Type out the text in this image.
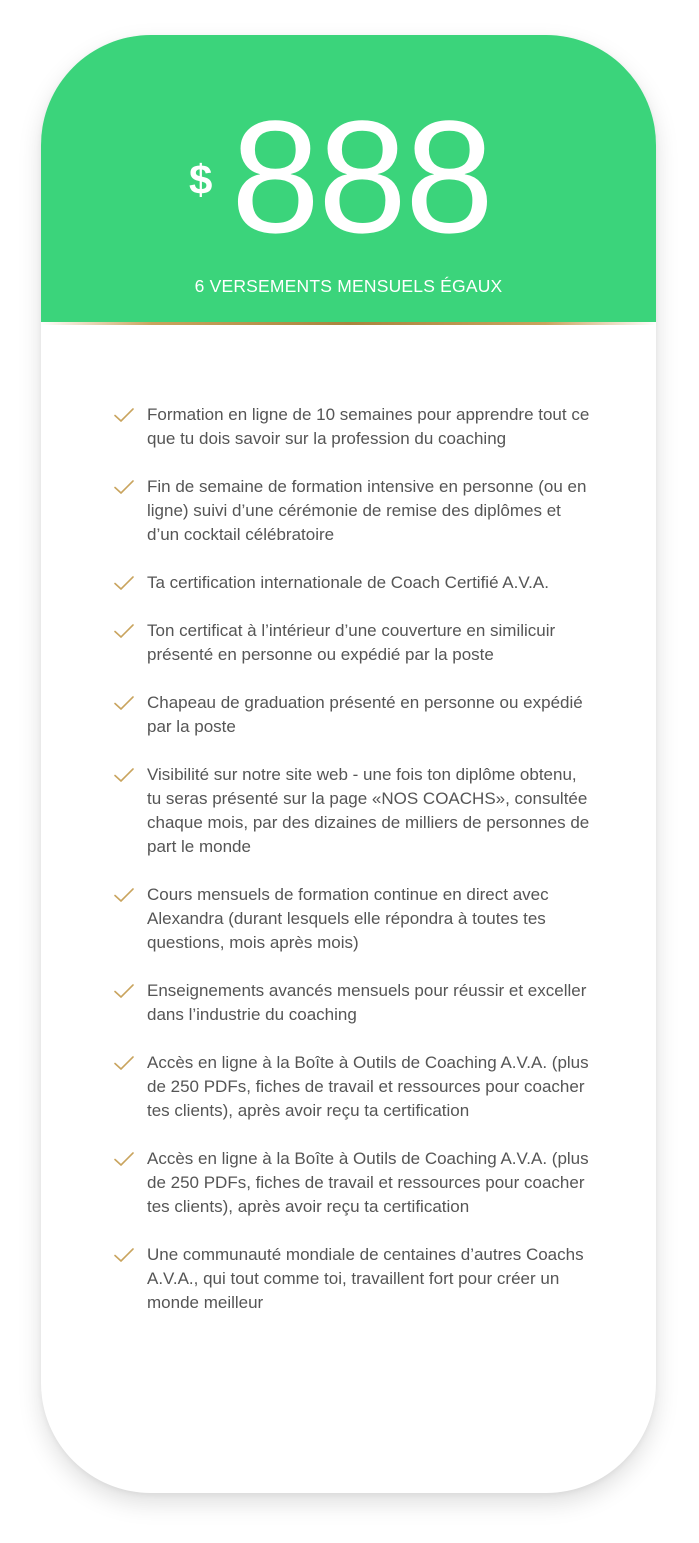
$ 888
6 VERSEMENTS MENSUELS ÉGAUX
Formation en ligne de 10 semaines pour apprendre tout ce que tu dois savoir sur la profession du coaching
Fin de semaine de formation intensive en personne (ou en ligne) suivi d’une cérémonie de remise des diplômes et d’un cocktail célébratoire
Ta certification internationale de Coach Certifié A.V.A.
Ton certificat à l’intérieur d’une couverture en similicuir présenté en personne ou expédié par la poste
Chapeau de graduation présenté en personne ou expédié par la poste
Visibilité sur notre site web - une fois ton diplôme obtenu, tu seras présenté sur la page «NOS COACHS», consultée chaque mois, par des dizaines de milliers de personnes de part le monde
Cours mensuels de formation continue en direct avec Alexandra (durant lesquels elle répondra à toutes tes questions, mois après mois)
Enseignements avancés mensuels pour réussir et exceller dans l’industrie du coaching
Accès en ligne à la Boîte à Outils de Coaching A.V.A. (plus de 250 PDFs, fiches de travail et ressources pour coacher tes clients), après avoir reçu ta certification
Accès en ligne à la Boîte à Outils de Coaching A.V.A. (plus de 250 PDFs, fiches de travail et ressources pour coacher tes clients), après avoir reçu ta certification
Une communauté mondiale de centaines d’autres Coachs A.V.A., qui tout comme toi, travaillent fort pour créer un monde meilleur
